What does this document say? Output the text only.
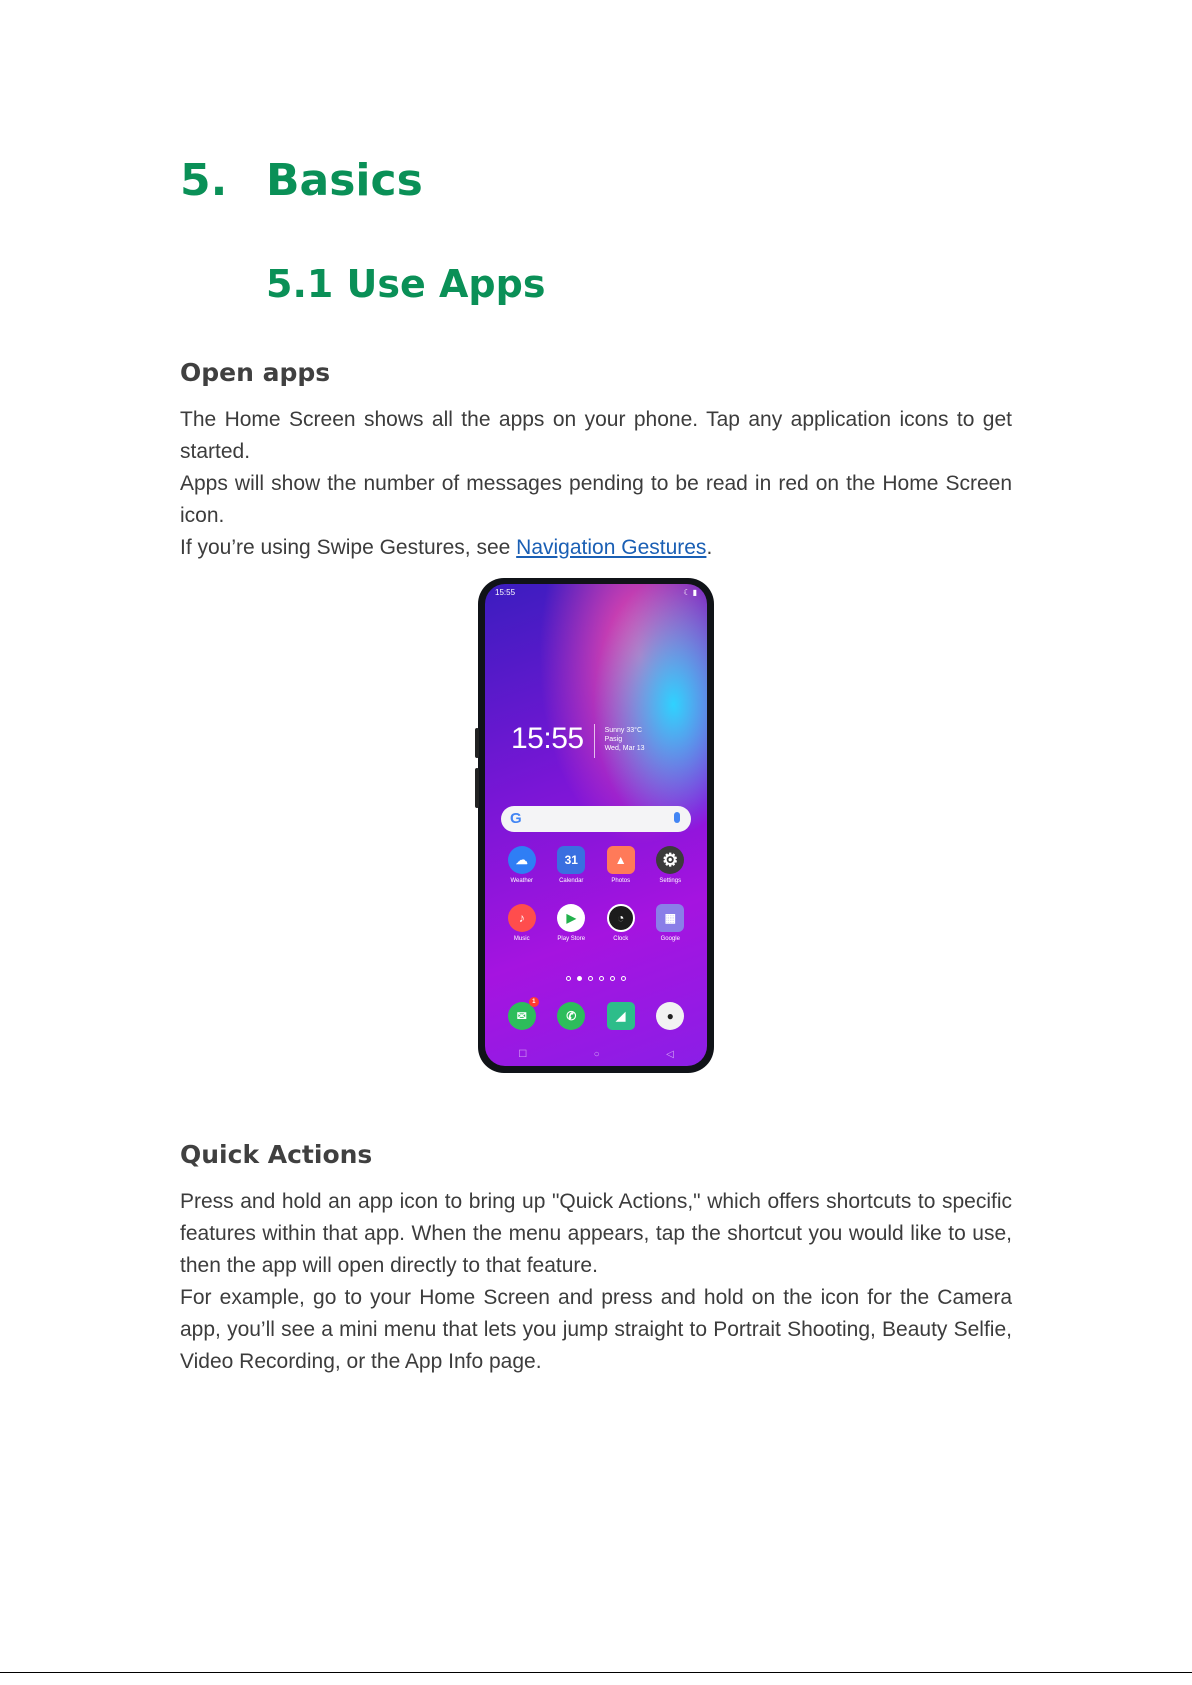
5. Basics
5.1 Use Apps
Open apps

The Home Screen shows all the apps on your phone. Tap any application icons to get started.

Apps will show the number of messages pending to be read in red on the Home Screen icon.

If you’re using Swipe Gestures, see Navigation Gestures.

15:55	☾ ▮
15:55	Sunny 33°C
Pasig
Wed, Mar 13
G
☁
Weather
31
Calendar
▲
Photos
⚙
Settings
♪
Music
▶
Play Store
◔
Clock
▦
Google
✉
1
✆	◢	●
☐	○	◁
Quick Actions

Press and hold an app icon to bring up "Quick Actions," which offers shortcuts to specific features within that app. When the menu appears, tap the shortcut you would like to use, then the app will open directly to that feature.

For example, go to your Home Screen and press and hold on the icon for the Camera app, you’ll see a mini menu that lets you jump straight to Portrait Shooting, Beauty Selfie, Video Recording, or the App Info page.
